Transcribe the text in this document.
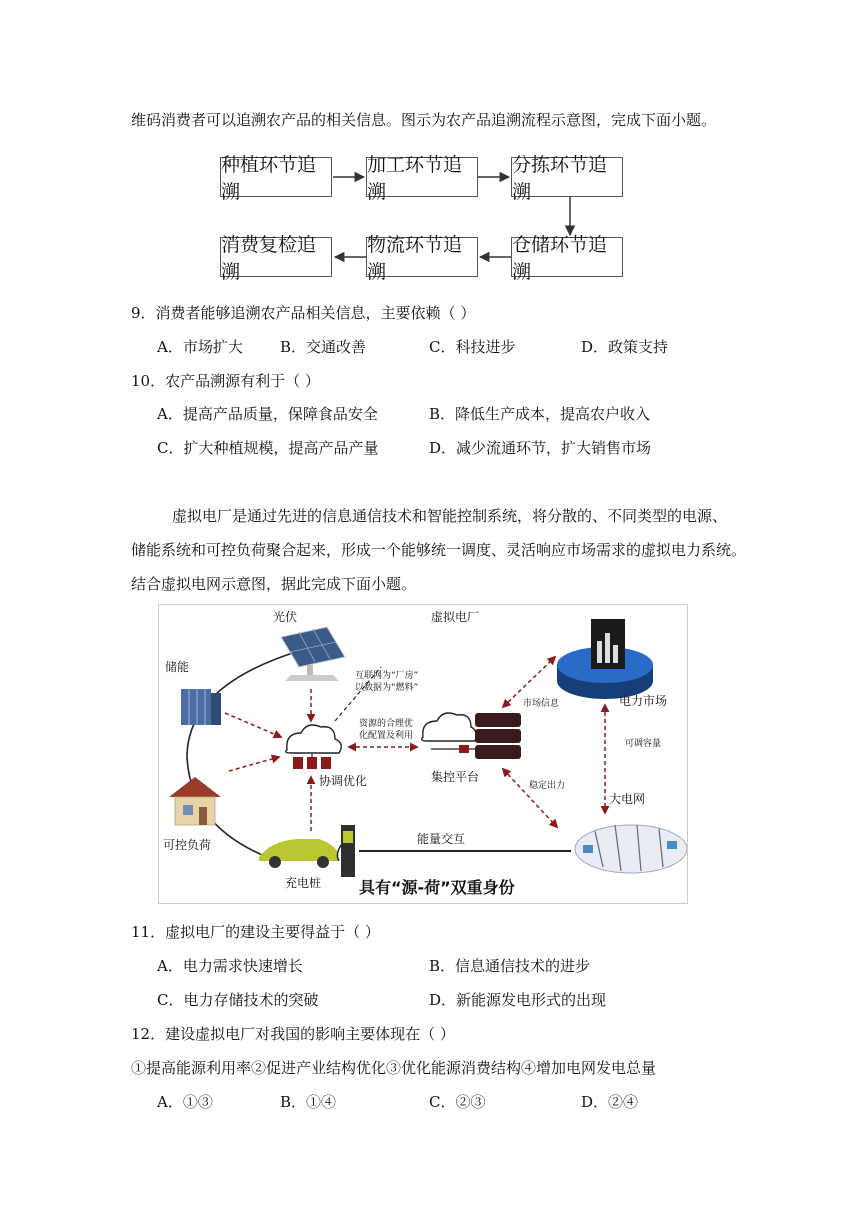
维码消费者可以追溯农产品的相关信息。图示为农产品追溯流程示意图，完成下面小题。
种植环节追溯
加工环节追溯
分拣环节追溯
仓储环节追溯
物流环节追溯
消费复检追溯
9．消费者能够追溯农产品相关信息，主要依赖（ ）
A．市场扩大 B．交通改善	C．科技进步	D．政策支持
10．农产品溯源有利于（ ）
A．提高产品质量，保障食品安全	B．降低生产成本，提高农户收入
C．扩大种植规模，提高产品产量	D．减少流通环节，扩大销售市场
虚拟电厂是通过先进的信息通信技术和智能控制系统，将分散的、不同类型的电源、
储能系统和可控负荷聚合起来，形成一个能够统一调度、灵活响应市场需求的虚拟电力系统。
结合虚拟电网示意图，据此完成下面小题。
光伏	虚拟电厂
储能
互联网为“厂房”
以数据为“燃料”
资源的合理优
化配置及利用
协调优化	集控平台
市场信息	电力市场
可调容量
稳定出力
大电网
可控负荷	能量交互
充电桩 具有“源-荷”双重身份
11．虚拟电厂的建设主要得益于（ ）
A．电力需求快速增长	B．信息通信技术的进步
C．电力存储技术的突破	D．新能源发电形式的出现
12．建设虚拟电厂对我国的影响主要体现在（ ）
①提高能源利用率②促进产业结构优化③优化能源消费结构④增加电网发电总量
A．①③	B．①④	C．②③	D．②④
